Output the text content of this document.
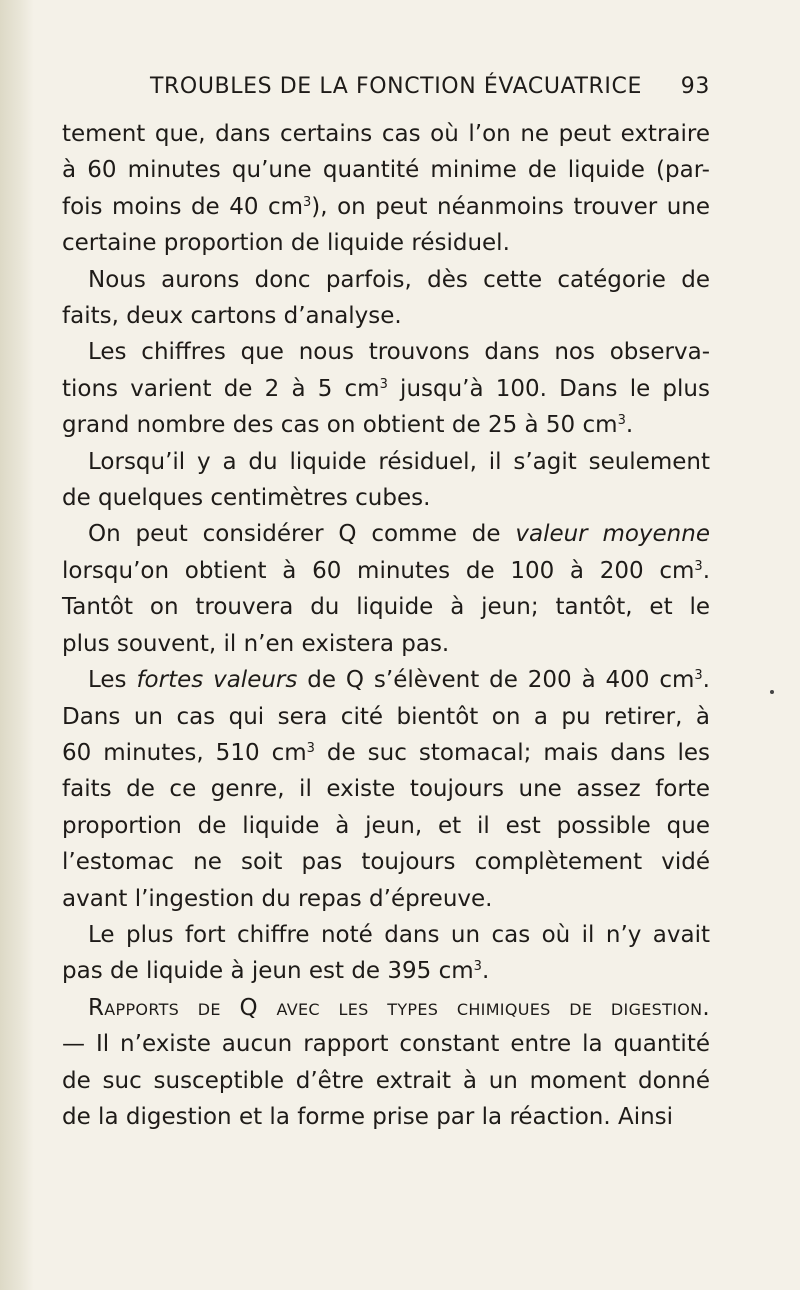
TROUBLES DE LA FONCTION ÉVACUATRICE 93

tement que, dans certains cas où l’on ne peut extraire

à 60 minutes qu’une quantité minime de liquide (par-

fois moins de 40 $cm^3$), on peut néanmoins trouver une

certaine proportion de liquide résiduel.

Nous aurons donc parfois, dès cette catégorie de

faits, deux cartons d’analyse.

Les chiffres que nous trouvons dans nos observa-

tions varient de 2 à 5 $cm^3$ jusqu’à 100. Dans le plus

grand nombre des cas on obtient de 25 à 50 $cm^3$.

Lorsqu’il y a du liquide résiduel, il s’agit seulement

de quelques centimètres cubes.

On peut considérer Q comme de valeur moyenne

lorsqu’on obtient à 60 minutes de 100 à 200 $cm^3$.

Tantôt on trouvera du liquide à jeun; tantôt, et le

plus souvent, il n’en existera pas.

Les fortes valeurs de Q s’élèvent de 200 à 400 $cm^3$.

Dans un cas qui sera cité bientôt on a pu retirer, à

60 minutes, 510 $cm^3$ de suc stomacal; mais dans les

faits de ce genre, il existe toujours une assez forte

proportion de liquide à jeun, et il est possible que

l’estomac ne soit pas toujours complètement vidé

avant l’ingestion du repas d’épreuve.

Le plus fort chiffre noté dans un cas où il n’y avait

pas de liquide à jeun est de 395 $cm^3$.

Rapports de Q avec les types chimiques de digestion.

— Il n’existe aucun rapport constant entre la quantité

de suc susceptible d’être extrait à un moment donné

de la digestion et la forme prise par la réaction. Ainsi
